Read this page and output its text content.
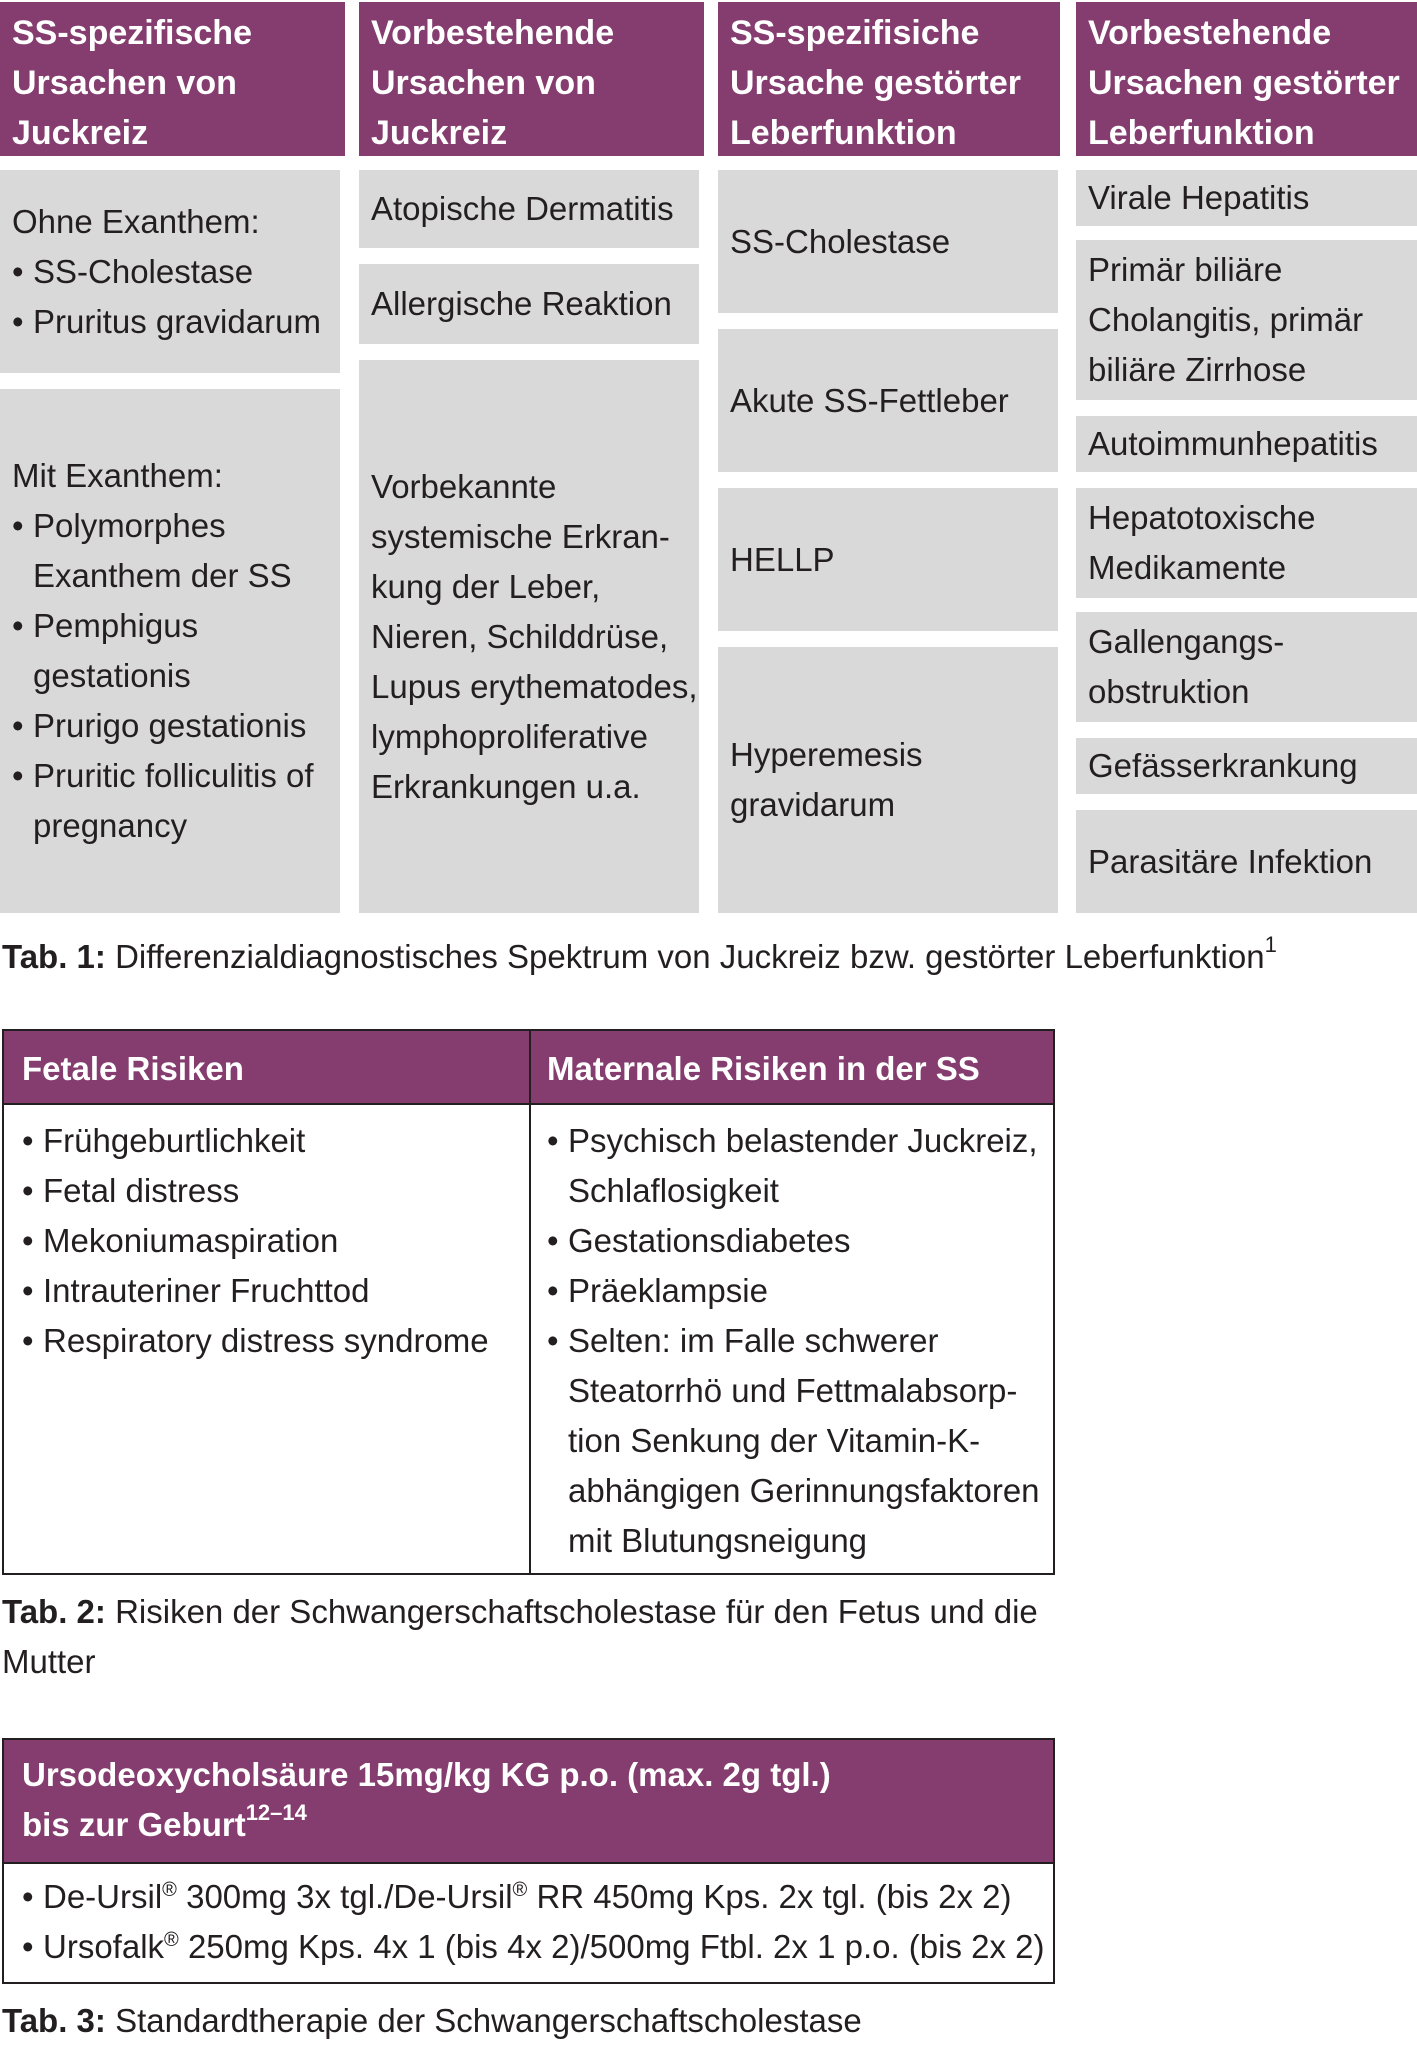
SS-spezifische
Ursachen von
Juckreiz
Vorbestehende
Ursachen von
Juckreiz
SS-spezifisiche
Ursache gestörter
Leberfunktion
Vorbestehende
Ursachen gestörter
Leberfunktion
Ohne Exanthem:
• SS-Cholestase
• Pruritus gravidarum
Mit Exanthem:
• Polymorphes
Exanthem der SS
• Pemphigus
gestationis
• Prurigo gestationis
• Pruritic folliculitis of
pregnancy
Atopische Dermatitis
Allergische Reaktion
Vorbekannte
systemische Erkran-
kung der Leber,
Nieren, Schilddrüse,
Lupus erythematodes,
lymphoproliferative
Erkrankungen u.a.
SS-Cholestase
Akute SS-Fettleber
HELLP
Hyperemesis
gravidarum
Virale Hepatitis
Primär biliäre
Cholangitis, primär
biliäre Zirrhose
Autoimmunhepatitis
Hepatotoxische
Medikamente
Gallengangs-
obstruktion
Gefässerkrankung
Parasitäre Infektion
Tab. 1: Differenzialdiagnostisches Spektrum von Juckreiz bzw. gestörter Leberfunktion$^1$
Fetale Risiken	Maternale Risiken in der SS
• Frühgeburtlichkeit
• Fetal distress
• Mekoniumaspiration
• Intrauteriner Fruchttod
• Respiratory distress syndrome
• Psychisch belastender Juckreiz,
Schlaflosigkeit
• Gestationsdiabetes
• Präeklampsie
• Selten: im Falle schwerer
Steatorrhö und Fettmalabsorp-
tion Senkung der Vitamin-K-
abhängigen Gerinnungsfaktoren
mit Blutungsneigung
Tab. 2: Risiken der Schwangerschaftscholestase für den Fetus und die
Mutter
Ursodeoxycholsäure 15mg/kg KG p.o. (max. 2g tgl.)
bis zur Geburt$^{12-14}$
• De-Ursil® 300mg 3x tgl./De-Ursil® RR 450mg Kps. 2x tgl. (bis 2x 2)
• Ursofalk® 250mg Kps. 4x 1 (bis 4x 2)/500mg Ftbl. 2x 1 p.o. (bis 2x 2)
Tab. 3: Standardtherapie der Schwangerschaftscholestase
